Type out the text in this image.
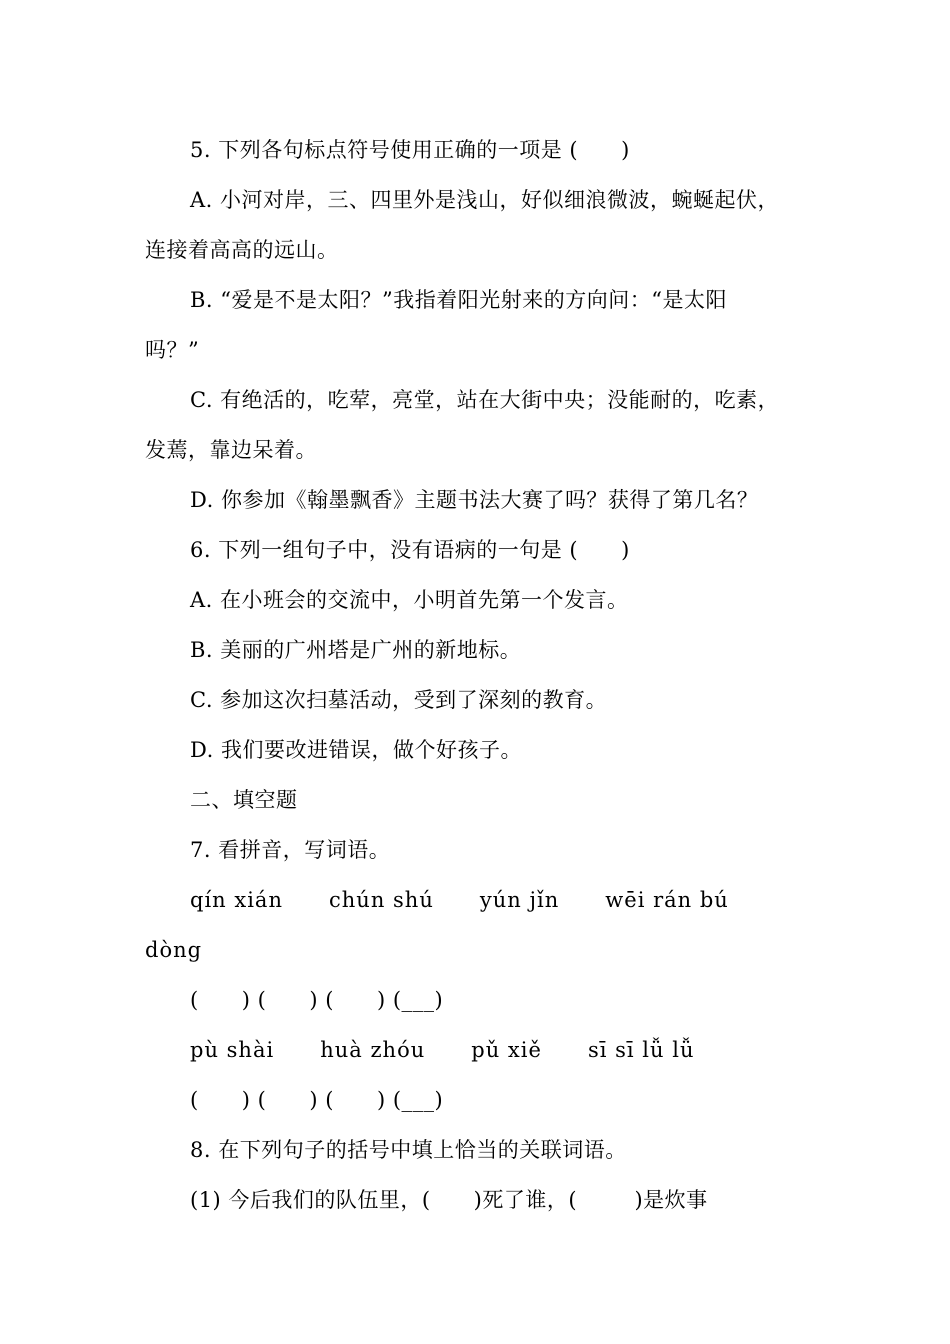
5. 下列各句标点符号使用正确的一项是 (      )
A. 小河对岸，三、四里外是浅山，好似细浪微波，蜿蜒起伏，
连接着高高的远山。
B. “爱是不是太阳？”我指着阳光射来的方向问：“是太阳
吗？”
C. 有绝活的，吃荤，亮堂，站在大街中央；没能耐的，吃素，
发蔫，靠边呆着。
D. 你参加《翰墨飘香》主题书法大赛了吗？获得了第几名？
6. 下列一组句子中，没有语病的一句是 (      )
A. 在小班会的交流中，小明首先第一个发言。
B. 美丽的广州塔是广州的新地标。
C. 参加这次扫墓活动，受到了深刻的教育。
D. 我们要改进错误，做个好孩子。
二、填空题
7. 看拼音，写词语。
qín xián      chún shú      yún jǐn      wēi rán bú
dòng
(      ) (      ) (      ) (___)
pù shài      huà zhóu      pǔ xiě      sī sī lǚ lǚ
(      ) (      ) (      ) (___)
8. 在下列句子的括号中填上恰当的关联词语。
(1) 今后我们的队伍里，(      )死了谁，(        )是炊事
